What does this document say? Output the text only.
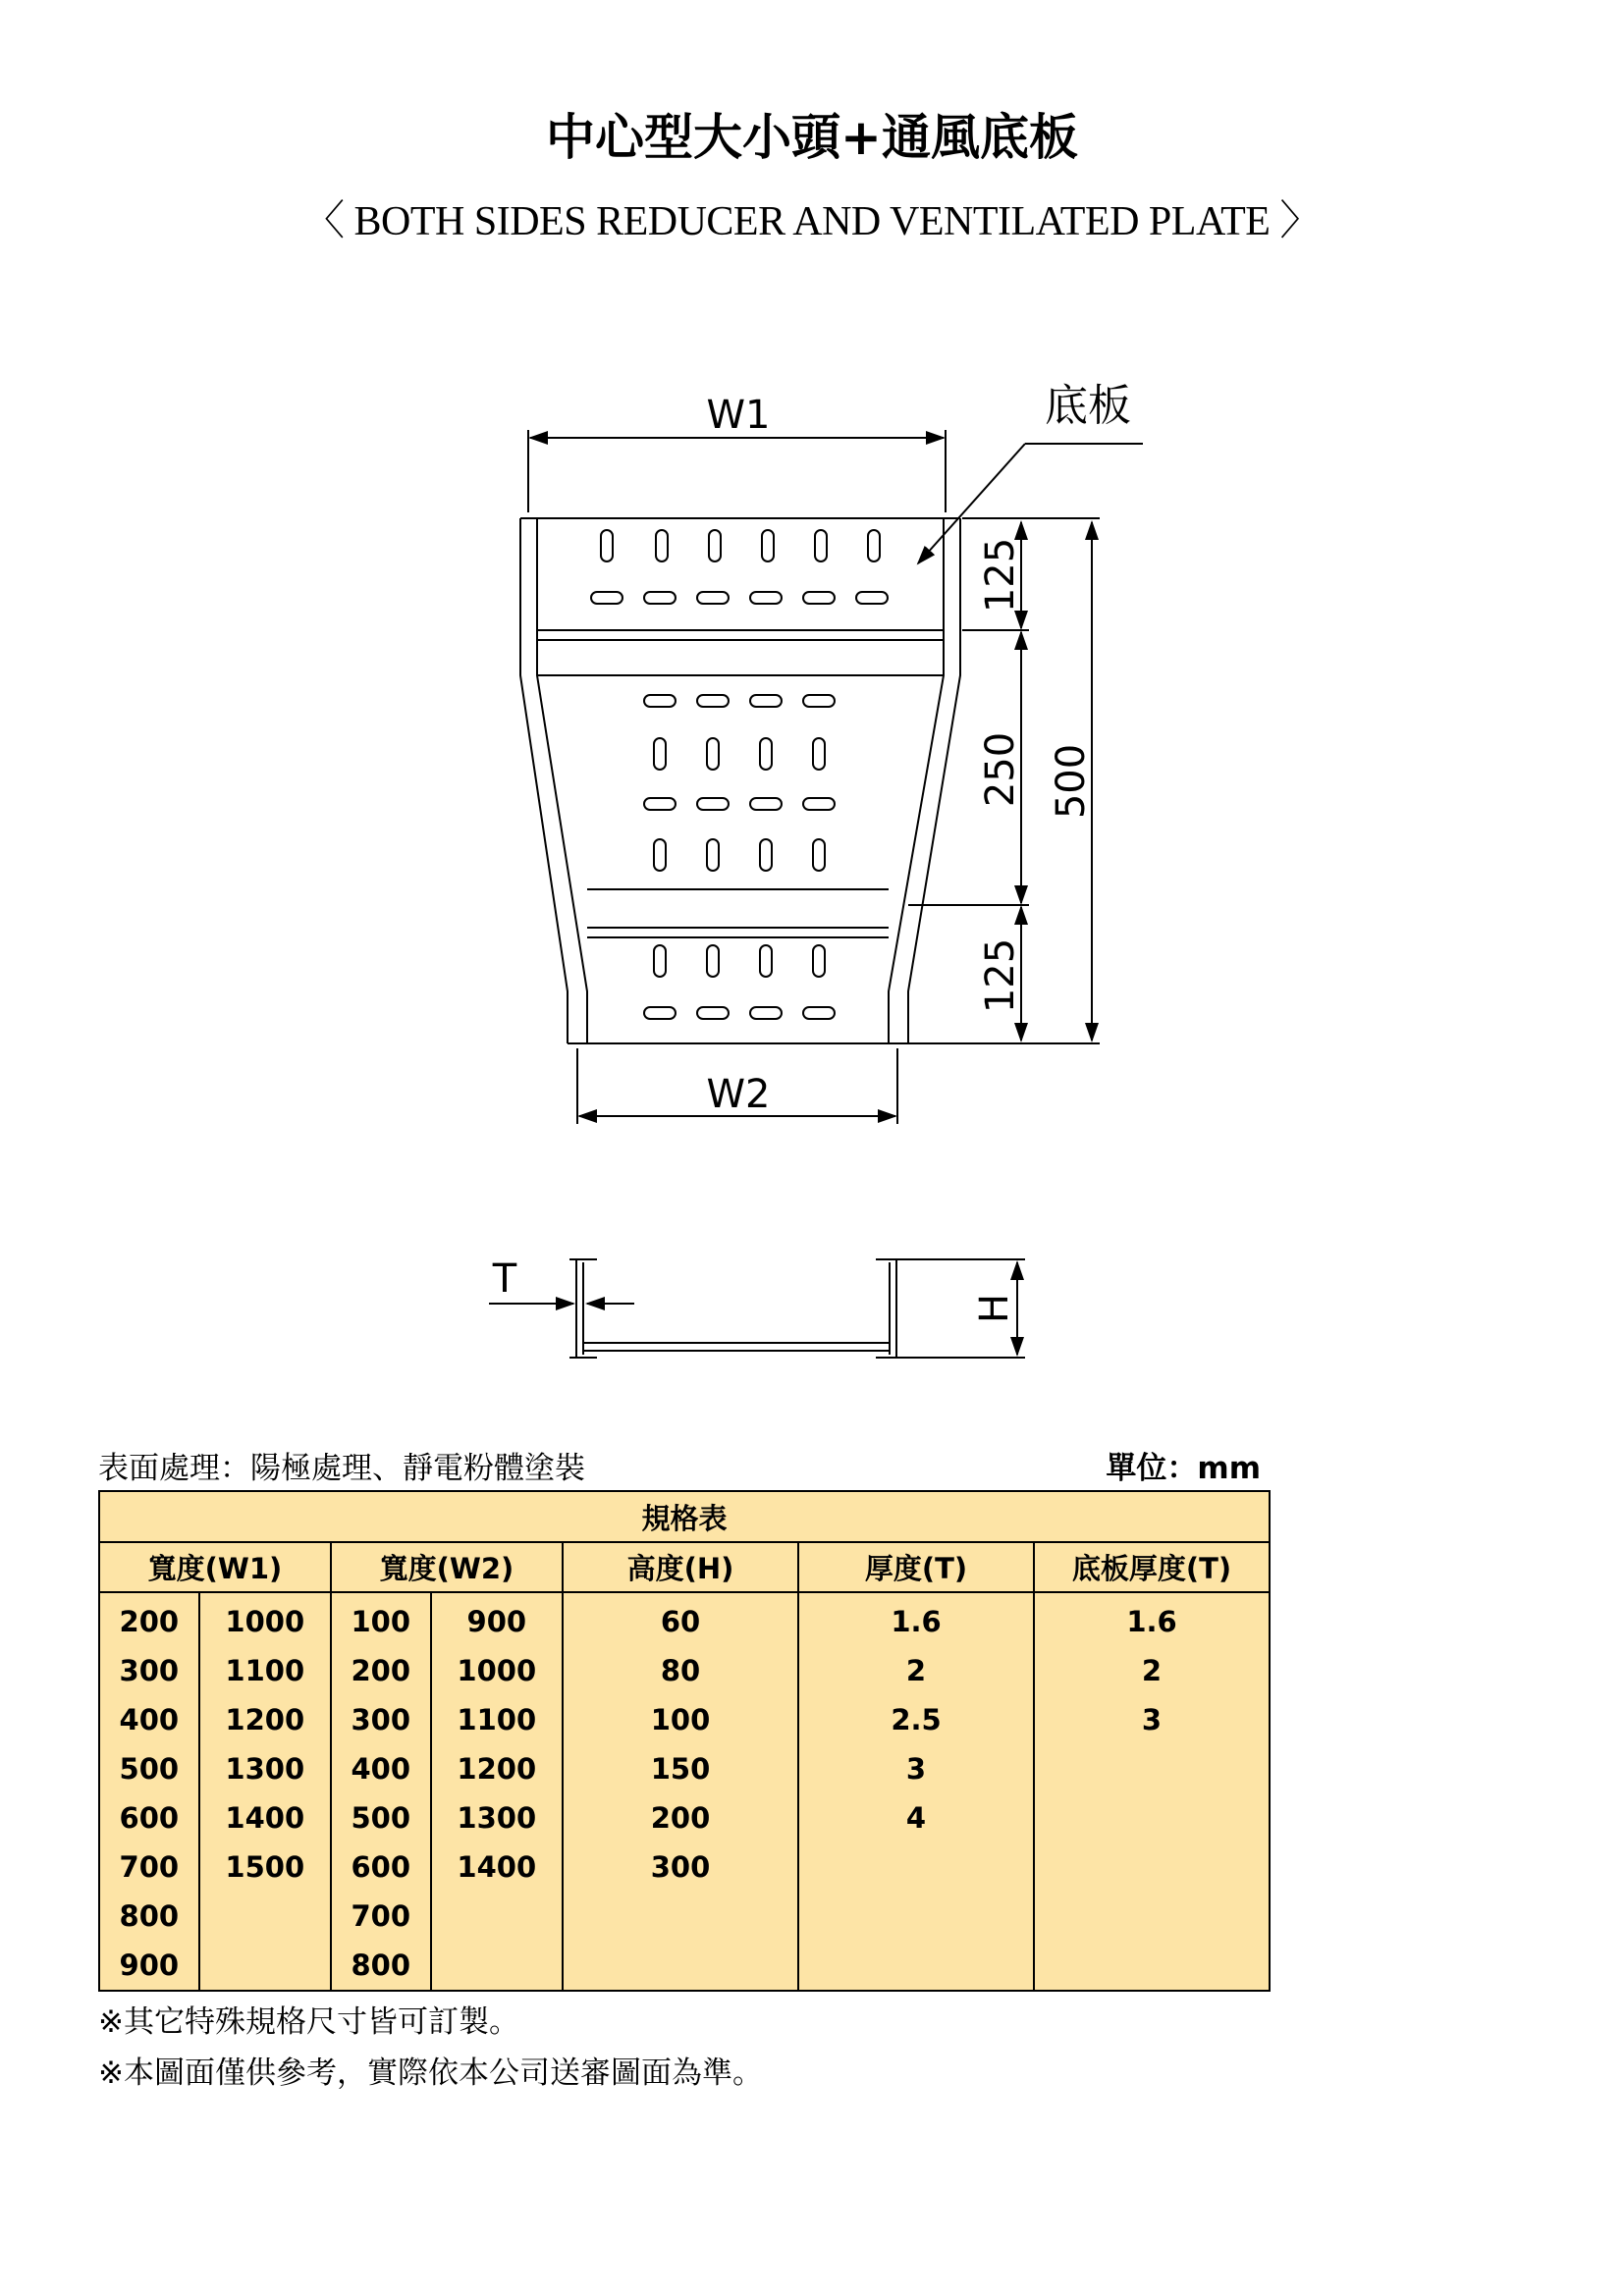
中心型大小頭+通風底板
〈 BOTH SIDES REDUCER AND VENTILATED PLATE 〉
W1
W2
底板
125
250
125
500
T
H
表面處理：陽極處理、靜電粉體塗裝	單位：mm
規格表						
寬度(W1)		寬度(W2)		高度(H)	厚度(T)	底板厚度(T)
200	1000	100	900	60	1.6	1.6
300	1100	200	1000	80	2	2
400	1200	300	1100	100	2.5	3
500	1300	400	1200	150	3	
600	1400	500	1300	200	4	
700	1500	600	1400	300		
800		700				
900		800				
※其它特殊規格尺寸皆可訂製。
※本圖面僅供參考，實際依本公司送審圖面為準。
